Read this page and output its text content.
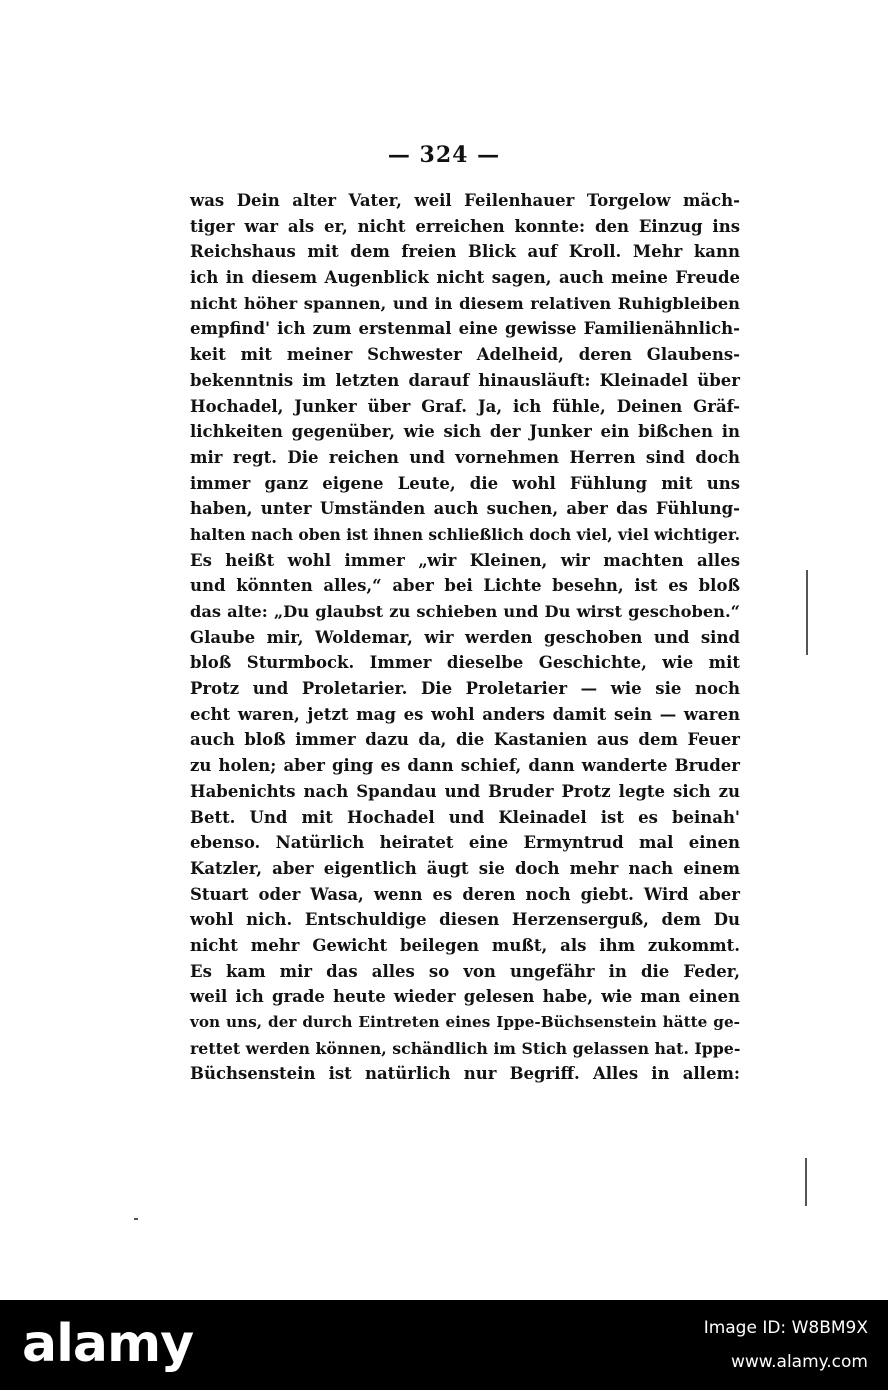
— 324 —
was Dein alter Vater, weil Feilenhauer Torgelow mäch-
tiger war als er, nicht erreichen konnte: den Einzug ins
Reichshaus mit dem freien Blick auf Kroll. Mehr kann
ich in diesem Augenblick nicht sagen, auch meine Freude
nicht höher spannen, und in diesem relativen Ruhigbleiben
empfind' ich zum erstenmal eine gewisse Familienähnlich-
keit mit meiner Schwester Adelheid, deren Glaubens-
bekenntnis im letzten darauf hinausläuft: Kleinadel über
Hochadel, Junker über Graf. Ja, ich fühle, Deinen Gräf-
lichkeiten gegenüber, wie sich der Junker ein bißchen in
mir regt. Die reichen und vornehmen Herren sind doch
immer ganz eigene Leute, die wohl Fühlung mit uns
haben, unter Umständen auch suchen, aber das Fühlung-
halten nach oben ist ihnen schließlich doch viel, viel wichtiger.
Es heißt wohl immer „wir Kleinen, wir machten alles
und könnten alles,“ aber bei Lichte besehn, ist es bloß
das alte: „Du glaubst zu schieben und Du wirst geschoben.“
Glaube mir, Woldemar, wir werden geschoben und sind
bloß Sturmbock. Immer dieselbe Geschichte, wie mit
Protz und Proletarier. Die Proletarier — wie sie noch
echt waren, jetzt mag es wohl anders damit sein — waren
auch bloß immer dazu da, die Kastanien aus dem Feuer
zu holen; aber ging es dann schief, dann wanderte Bruder
Habenichts nach Spandau und Bruder Protz legte sich zu
Bett. Und mit Hochadel und Kleinadel ist es beinah'
ebenso. Natürlich heiratet eine Ermyntrud mal einen
Katzler, aber eigentlich äugt sie doch mehr nach einem
Stuart oder Wasa, wenn es deren noch giebt. Wird aber
wohl nich. Entschuldige diesen Herzenserguß, dem Du
nicht mehr Gewicht beilegen mußt, als ihm zukommt.
Es kam mir das alles so von ungefähr in die Feder,
weil ich grade heute wieder gelesen habe, wie man einen
von uns, der durch Eintreten eines Ippe-Büchsenstein hätte ge-
rettet werden können, schändlich im Stich gelassen hat. Ippe-
Büchsenstein ist natürlich nur Begriff. Alles in allem:
alamy	Image ID: W8BM9X
www.alamy.com
